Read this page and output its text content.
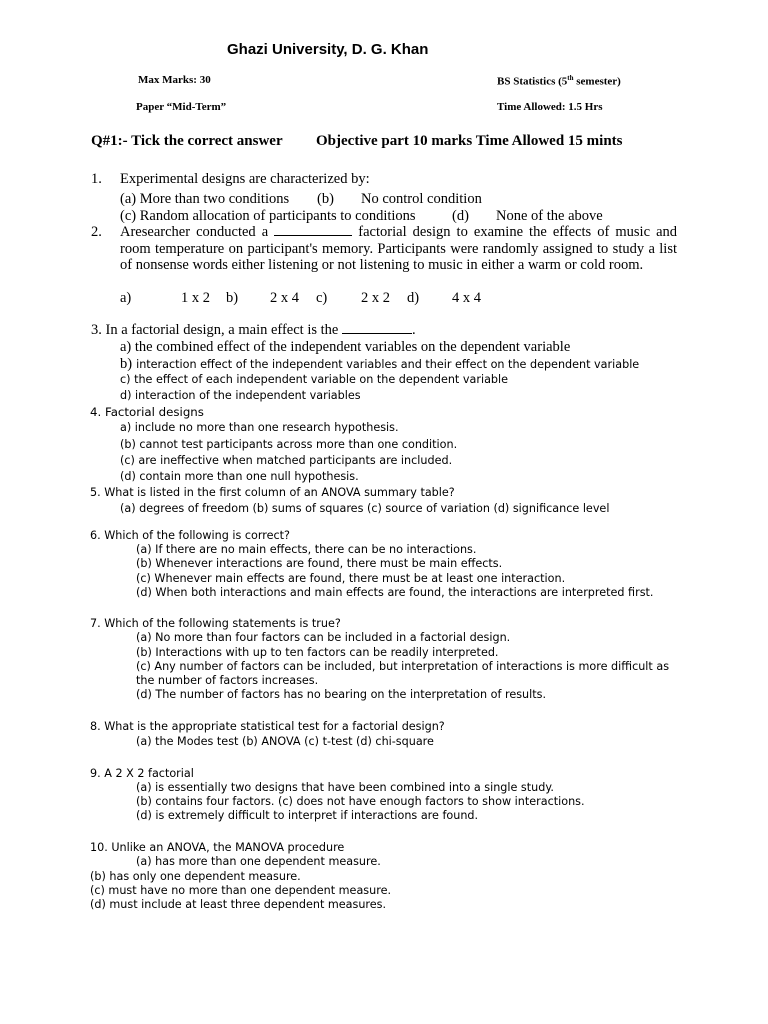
Ghazi University, D. G. Khan
Max Marks: 30	BS Statistics (5th semester)
Paper “Mid-Term”	Time Allowed: 1.5 Hrs
Q#1:- Tick the correct answer Objective part 10 marks Time Allowed 15 mints
1. Experimental designs are characterized by:
(a) More than two conditions (b) No control condition
(c) Random allocation of participants to conditions	(d) None of the above
2. Aresearcher conducted a	factorial design to examine the effects of music and room temperature on participant's memory. Participants were randomly assigned to study a list of nonsense words either listening or not listening to music in either a warm or cold room.
a)	1 x 2 b) 2 x 4 c) 2 x 2 d) 4 x 4
3. In a factorial design, a main effect is the	.
a) the combined effect of the independent variables on the dependent variable
b) interaction effect of the independent variables and their effect on the dependent variable
c) the effect of each independent variable on the dependent variable
d) interaction of the independent variables
4. Factorial designs
a) include no more than one research hypothesis.
(b) cannot test participants across more than one condition.
(c) are ineffective when matched participants are included.
(d) contain more than one null hypothesis.
5. What is listed in the first column of an ANOVA summary table?
(a) degrees of freedom (b) sums of squares (c) source of variation (d) significance level
6. Which of the following is correct?
(a) If there are no main effects, there can be no interactions.
(b) Whenever interactions are found, there must be main effects.
(c) Whenever main effects are found, there must be at least one interaction.
(d) When both interactions and main effects are found, the interactions are interpreted first.
7. Which of the following statements is true?
(a) No more than four factors can be included in a factorial design.
(b) Interactions with up to ten factors can be readily interpreted.
(c) Any number of factors can be included, but interpretation of interactions is more difficult as
the number of factors increases.
(d) The number of factors has no bearing on the interpretation of results.
8. What is the appropriate statistical test for a factorial design?
(a) the Modes test (b) ANOVA (c) t-test (d) chi-square
9. A 2 X 2 factorial
(a) is essentially two designs that have been combined into a single study.
(b) contains four factors. (c) does not have enough factors to show interactions.
(d) is extremely difficult to interpret if interactions are found.
10. Unlike an ANOVA, the MANOVA procedure
(a) has more than one dependent measure.
(b) has only one dependent measure.
(c) must have no more than one dependent measure.
(d) must include at least three dependent measures.
